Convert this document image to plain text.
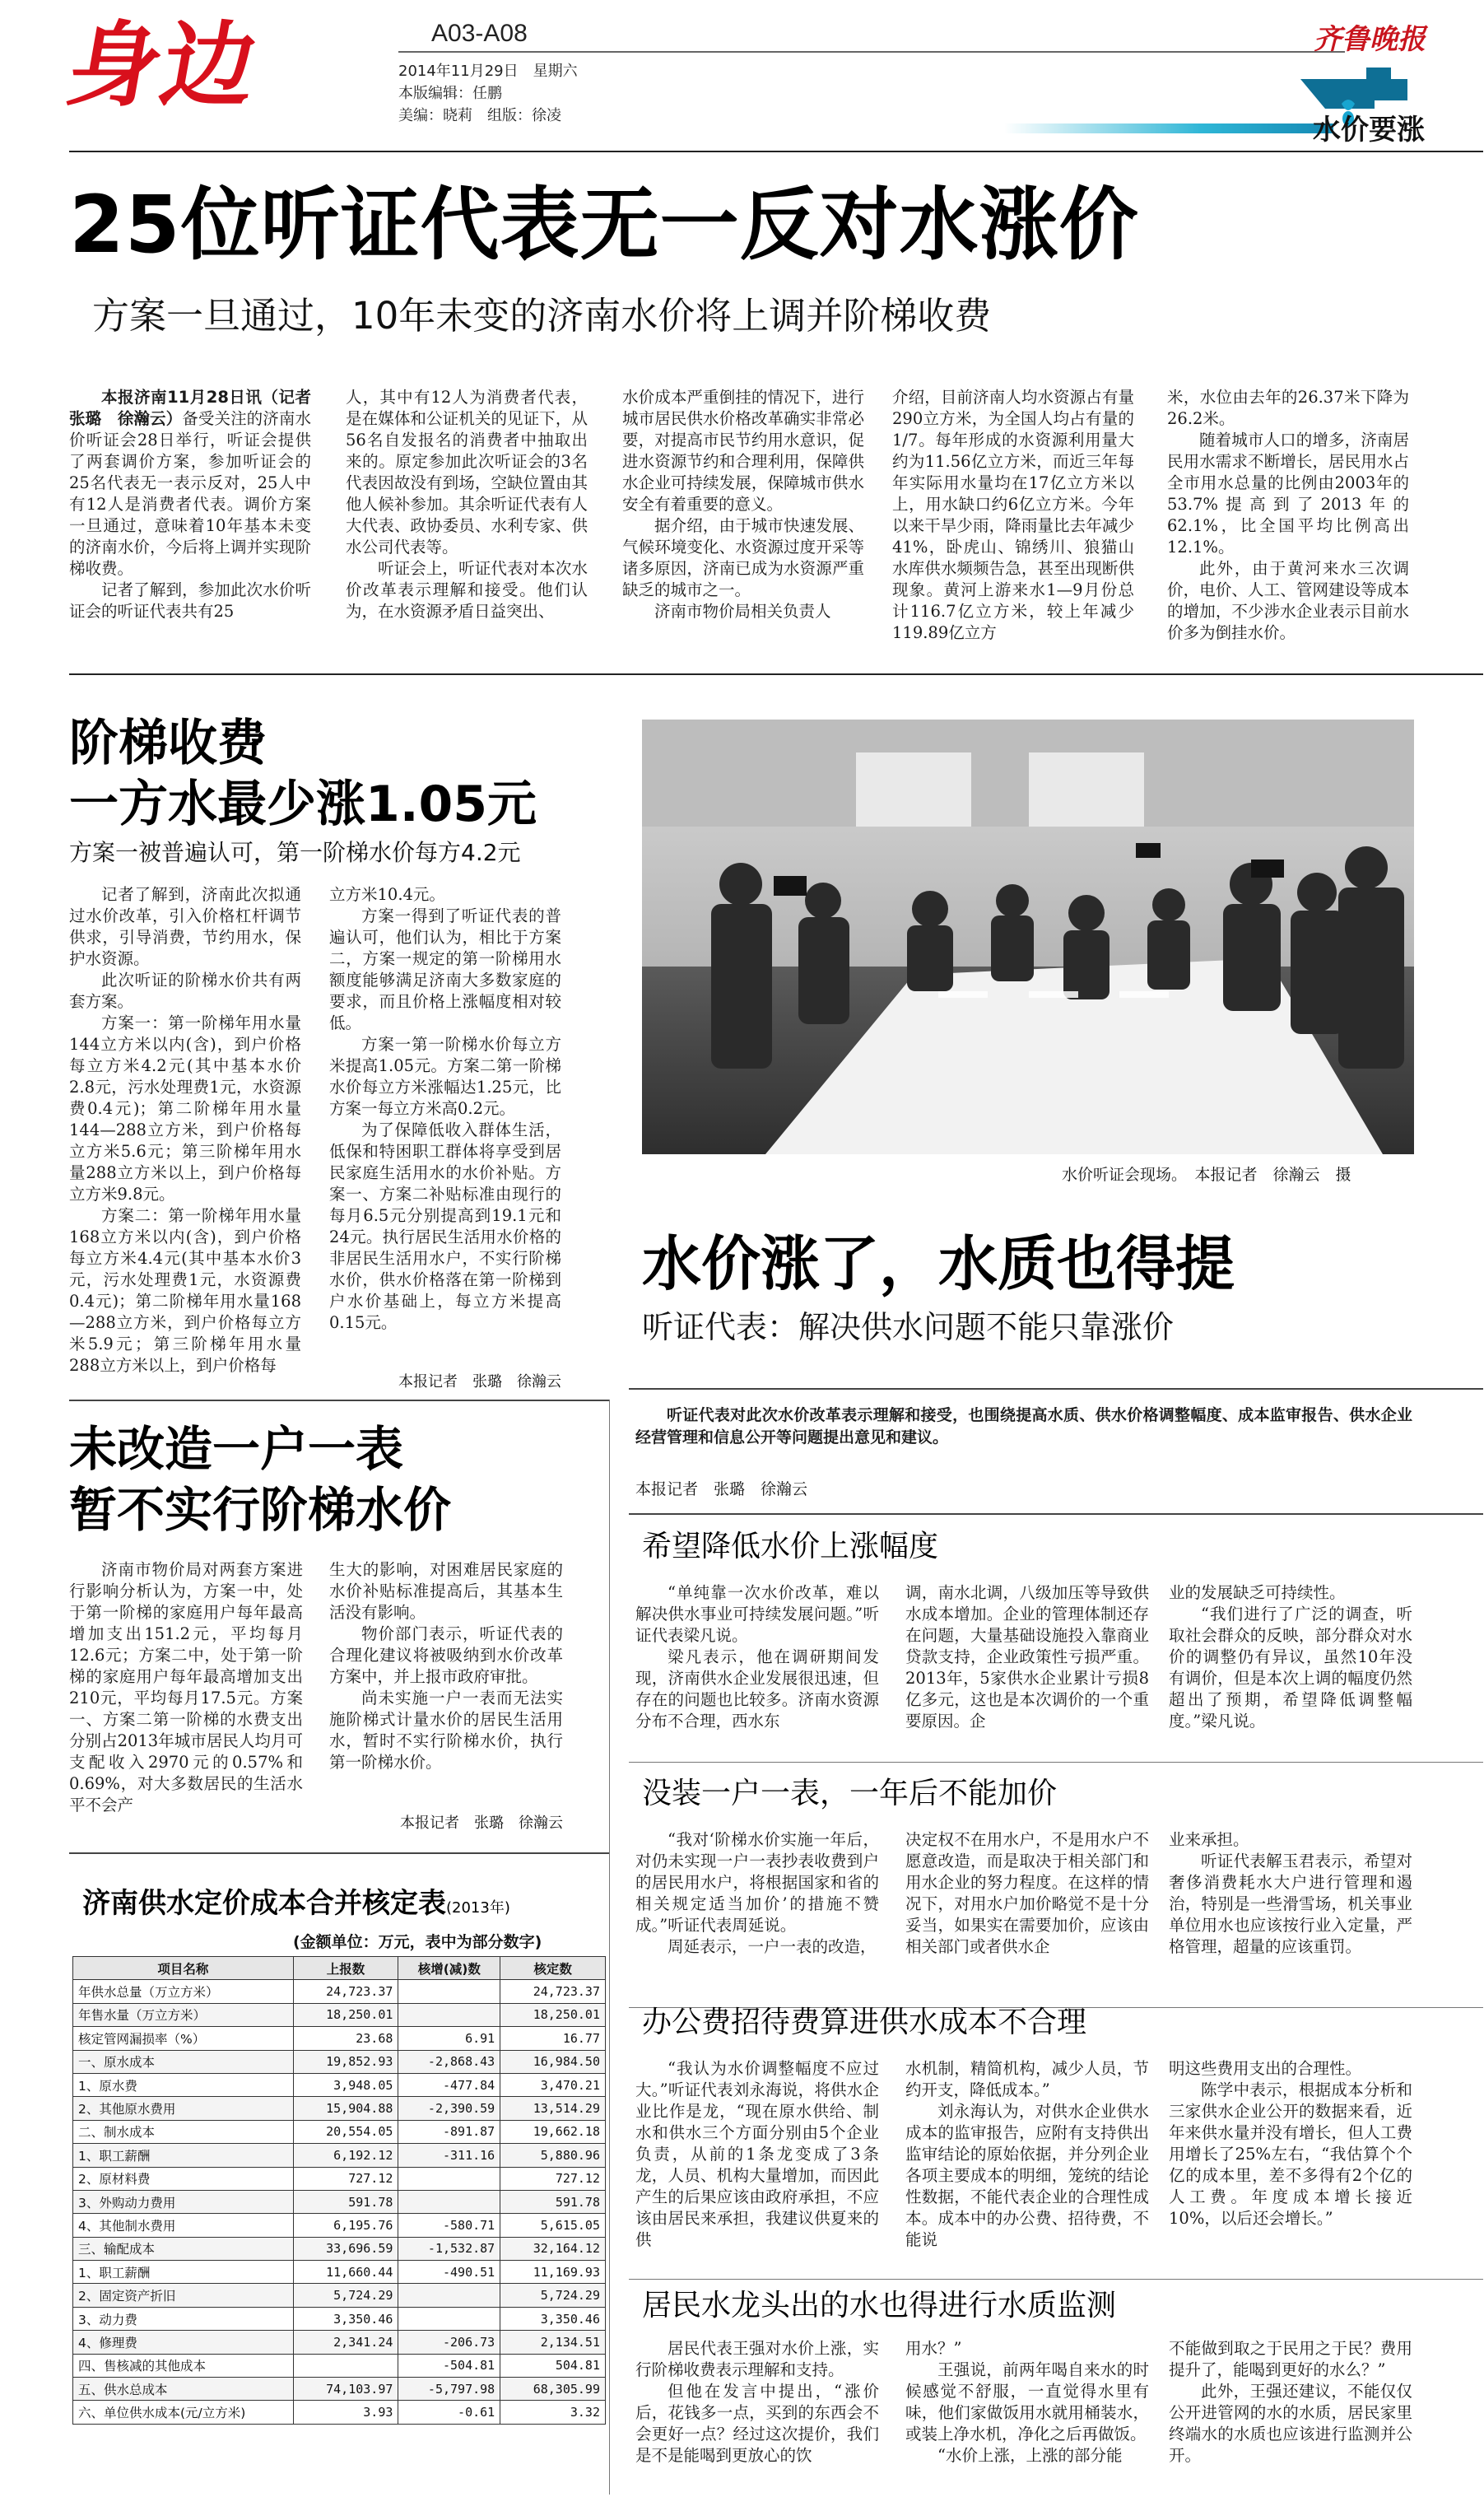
身边	A03-A08
2014年11月29日　星期六
本版编辑：任鹏
美编：晓莉　组版：徐凌
齐鲁晚报
水价要涨
25位听证代表无一反对水涨价
方案一旦通过，10年未变的济南水价将上调并阶梯收费

本报济南11月28日讯（记者　张璐　徐瀚云）备受关注的济南水价听证会28日举行，听证会提供了两套调价方案，参加听证会的25名代表无一表示反对，25人中有12人是消费者代表。调价方案一旦通过，意味着10年基本未变的济南水价，今后将上调并实现阶梯收费。

记者了解到，参加此次水价听证会的听证代表共有25

人，其中有12人为消费者代表，是在媒体和公证机关的见证下，从56名自发报名的消费者中抽取出来的。原定参加此次听证会的3名代表因故没有到场，空缺位置由其他人候补参加。其余听证代表有人大代表、政协委员、水利专家、供水公司代表等。

听证会上，听证代表对本次水价改革表示理解和接受。他们认为，在水资源矛盾日益突出、

水价成本严重倒挂的情况下，进行城市居民供水价格改革确实非常必要，对提高市民节约用水意识，促进水资源节约和合理利用，保障供水企业可持续发展，保障城市供水安全有着重要的意义。

据介绍，由于城市快速发展、气候环境变化、水资源过度开采等诸多原因，济南已成为水资源严重缺乏的城市之一。

济南市物价局相关负责人

介绍，目前济南人均水资源占有量290立方米，为全国人均占有量的1/7。每年形成的水资源利用量大约为11.56亿立方米，而近三年每年实际用水量均在17亿立方米以上，用水缺口约6亿立方米。今年以来干旱少雨，降雨量比去年减少41%，卧虎山、锦绣川、狼猫山水库供水频频告急，甚至出现断供现象。黄河上游来水1—9月份总计116.7亿立方米，较上年减少119.89亿立方

米，水位由去年的26.37米下降为26.2米。

随着城市人口的增多，济南居民用水需求不断增长，居民用水占全市用水总量的比例由2003年的53.7%提高到了2013年的62.1%，比全国平均比例高出12.1%。

此外，由于黄河来水三次调价，电价、人工、管网建设等成本的增加，不少涉水企业表示目前水价多为倒挂水价。

阶梯收费
一方水最少涨1.05元
方案一被普遍认可，第一阶梯水价每方4.2元

记者了解到，济南此次拟通过水价改革，引入价格杠杆调节供求，引导消费，节约用水，保护水资源。

此次听证的阶梯水价共有两套方案。

方案一：第一阶梯年用水量144立方米以内(含)，到户价格每立方米4.2元(其中基本水价2.8元，污水处理费1元，水资源费0.4元)；第二阶梯年用水量144—288立方米，到户价格每立方米5.6元；第三阶梯年用水量288立方米以上，到户价格每立方米9.8元。

方案二：第一阶梯年用水量168立方米以内(含)，到户价格每立方米4.4元(其中基本水价3元，污水处理费1元，水资源费0.4元)；第二阶梯年用水量168—288立方米，到户价格每立方米5.9元；第三阶梯年用水量288立方米以上，到户价格每

立方米10.4元。

方案一得到了听证代表的普遍认可，他们认为，相比于方案二，方案一规定的第一阶梯用水额度能够满足济南大多数家庭的要求，而且价格上涨幅度相对较低。

方案一第一阶梯水价每立方米提高1.05元。方案二第一阶梯水价每立方米涨幅达1.25元，比方案一每立方米高0.2元。

为了保障低收入群体生活，低保和特困职工群体将享受到居民家庭生活用水的水价补贴。方案一、方案二补贴标准由现行的每月6.5元分别提高到19.1元和24元。执行居民生活用水价格的非居民生活用水户，不实行阶梯水价，供水价格落在第一阶梯到户水价基础上，每立方米提高0.15元。

本报记者　张璐　徐瀚云
水价听证会现场。　本报记者　徐瀚云　摄
水价涨了，水质也得提
听证代表：解决供水问题不能只靠涨价

听证代表对此次水价改革表示理解和接受，也围绕提高水质、供水价格调整幅度、成本监审报告、供水企业经营管理和信息公开等问题提出意见和建议。

本报记者　张璐　徐瀚云
希望降低水价上涨幅度

“单纯靠一次水价改革，难以解决供水事业可持续发展问题。”听证代表梁凡说。

梁凡表示，他在调研期间发现，济南供水企业发展很迅速，但存在的问题也比较多。济南水资源分布不合理，西水东

调，南水北调，八级加压等导致供水成本增加。企业的管理体制还存在问题，大量基础设施投入靠商业贷款支持，企业政策性亏损严重。2013年，5家供水企业累计亏损8亿多元，这也是本次调价的一个重要原因。企

业的发展缺乏可持续性。

“我们进行了广泛的调查，听取社会群众的反映，部分群众对水价的调整仍有异议，虽然10年没有调价，但是本次上调的幅度仍然超出了预期，希望降低调整幅度。”梁凡说。

没装一户一表，一年后不能加价

“我对‘阶梯水价实施一年后，对仍未实现一户一表抄表收费到户的居民用水户，将根据国家和省的相关规定适当加价’的措施不赞成。”听证代表周延说。

周延表示，一户一表的改造，

决定权不在用水户，不是用水户不愿意改造，而是取决于相关部门和用水企业的努力程度。在这样的情况下，对用水户加价略觉不是十分妥当，如果实在需要加价，应该由相关部门或者供水企

业来承担。

听证代表解玉君表示，希望对奢侈消费耗水大户进行管理和遏治，特别是一些滑雪场，机关事业单位用水也应该按行业入定量，严格管理，超量的应该重罚。

办公费招待费算进供水成本不合理

“我认为水价调整幅度不应过大。”听证代表刘永海说，将供水企业比作是龙，“现在原水供给、制水和供水三个方面分别由5个企业负责，从前的1条龙变成了3条龙，人员、机构大量增加，而因此产生的后果应该由政府承担，不应该由居民来承担，我建议供夏来的供

水机制，精简机构，减少人员，节约开支，降低成本。”

刘永海认为，对供水企业供水成本的监审报告，应附有支持供出监审结论的原始依据，并分列企业各项主要成本的明细，笼统的结论性数据，不能代表企业的合理性成本。成本中的办公费、招待费，不能说

明这些费用支出的合理性。

陈学中表示，根据成本分析和三家供水企业公开的数据来看，近年来供水量并没有增长，但人工费用增长了25%左右，“我估算个个亿的成本里，差不多得有2个亿的人工费。年度成本增长接近10%，以后还会增长。”

居民水龙头出的水也得进行水质监测

居民代表王强对水价上涨，实行阶梯收费表示理解和支持。

但他在发言中提出，“涨价后，花钱多一点，买到的东西会不会更好一点？经过这次提价，我们是不是能喝到更放心的饮

用水？”

王强说，前两年喝自来水的时候感觉不舒服，一直觉得水里有味，他们家做饭用水就用桶装水，或装上净水机，净化之后再做饭。

“水价上涨，上涨的部分能

不能做到取之于民用之于民？费用提升了，能喝到更好的水么？”

此外，王强还建议，不能仅仅公开进管网的水的水质，居民家里终端水的水质也应该进行监测并公开。

未改造一户一表
暂不实行阶梯水价

济南市物价局对两套方案进行影响分析认为，方案一中，处于第一阶梯的家庭用户每年最高增加支出151.2元，平均每月12.6元；方案二中，处于第一阶梯的家庭用户每年最高增加支出210元，平均每月17.5元。方案一、方案二第一阶梯的水费支出分别占2013年城市居民人均月可支配收入2970元的0.57%和0.69%，对大多数居民的生活水平不会产

生大的影响，对困难居民家庭的水价补贴标准提高后，其基本生活没有影响。

物价部门表示，听证代表的合理化建议将被吸纳到水价改革方案中，并上报市政府审批。

尚未实施一户一表而无法实施阶梯式计量水价的居民生活用水，暂时不实行阶梯水价，执行第一阶梯水价。

本报记者　张璐　徐瀚云
济南供水定价成本合并核定表(2013年)
(金额单位：万元，表中为部分数字)
项目名称	上报数	核增(减)数	核定数
年供水总量（万立方米）	24,723.37		24,723.37
年售水量（万立方米）	18,250.01		18,250.01
核定管网漏损率（%）	23.68	6.91	16.77
一、原水成本	19,852.93	-2,868.43	16,984.50
1、原水费	3,948.05	-477.84	3,470.21
2、其他原水费用	15,904.88	-2,390.59	13,514.29
二、制水成本	20,554.05	-891.87	19,662.18
1、职工薪酬	6,192.12	-311.16	5,880.96
2、原材料费	727.12		727.12
3、外购动力费用	591.78		591.78
4、其他制水费用	6,195.76	-580.71	5,615.05
三、输配成本	33,696.59	-1,532.87	32,164.12
1、职工薪酬	11,660.44	-490.51	11,169.93
2、固定资产折旧	5,724.29		5,724.29
3、动力费	3,350.46		3,350.46
4、修理费	2,341.24	-206.73	2,134.51
四、售核减的其他成本		-504.81	504.81
五、供水总成本	74,103.97	-5,797.98	68,305.99
六、单位供水成本(元/立方米)	3.93	-0.61	3.32
